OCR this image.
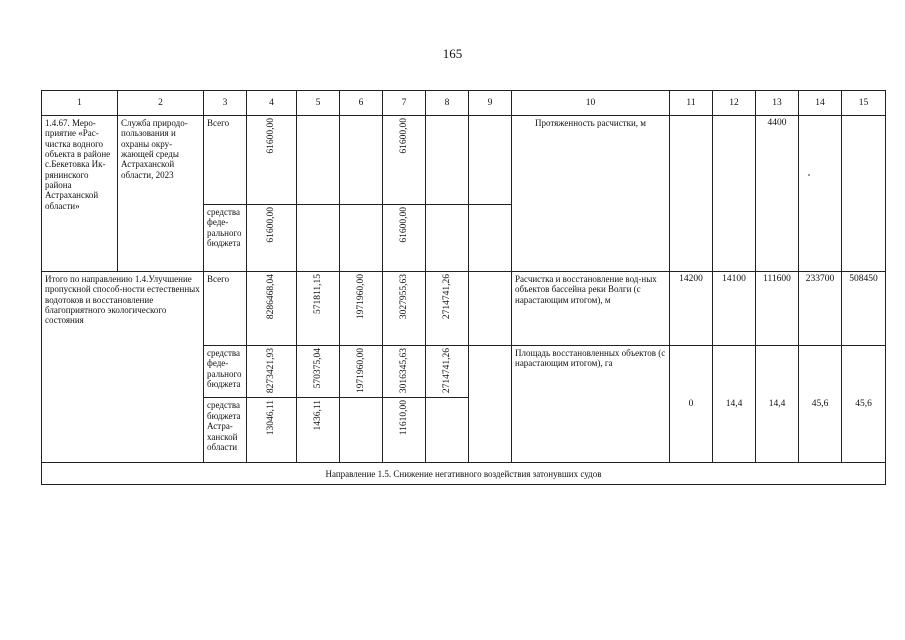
165
1	2	3	4	5	6	7	8	9	10	11	12	13	14	15
1.4.67. Меро-приятие «Рас-чистка водного объекта в районе с.Бекетовка Ик-рянинского района Астраханской области»	Служба природо-пользования и охраны окру-жающей среды Астраханской области, 2023	Всего	61600,00			61600,00			Протяженность расчистки, м			4400		
		средства феде-рального бюджета	61600,00			61600,00								
Итого по направлению 1.4.Улучшение пропускной способ-ности естественных водотоков и восстановление благоприятного экологического состояния		Всего	8286468,04	571811,15	1971960,00	3027955,63	2714741,26		Расчистка и восстановление вод-ных объектов бассейна реки Волги (с нарастающим итогом), м	14200	14100	111600	233700	508450
		средства феде-рального бюджета	8273421,93	570375,04	1971960,00	3016345,63	2714741,26							
									Площадь восстановленных объектов (с нарастающим итогом), га	0	14,4	14,4	45,6	45,6
		средства бюджета Астра-ханской области	13046,11	1436,11		11610,00								
Направление 1.5. Снижение негативного воздействия затонувших судов														
